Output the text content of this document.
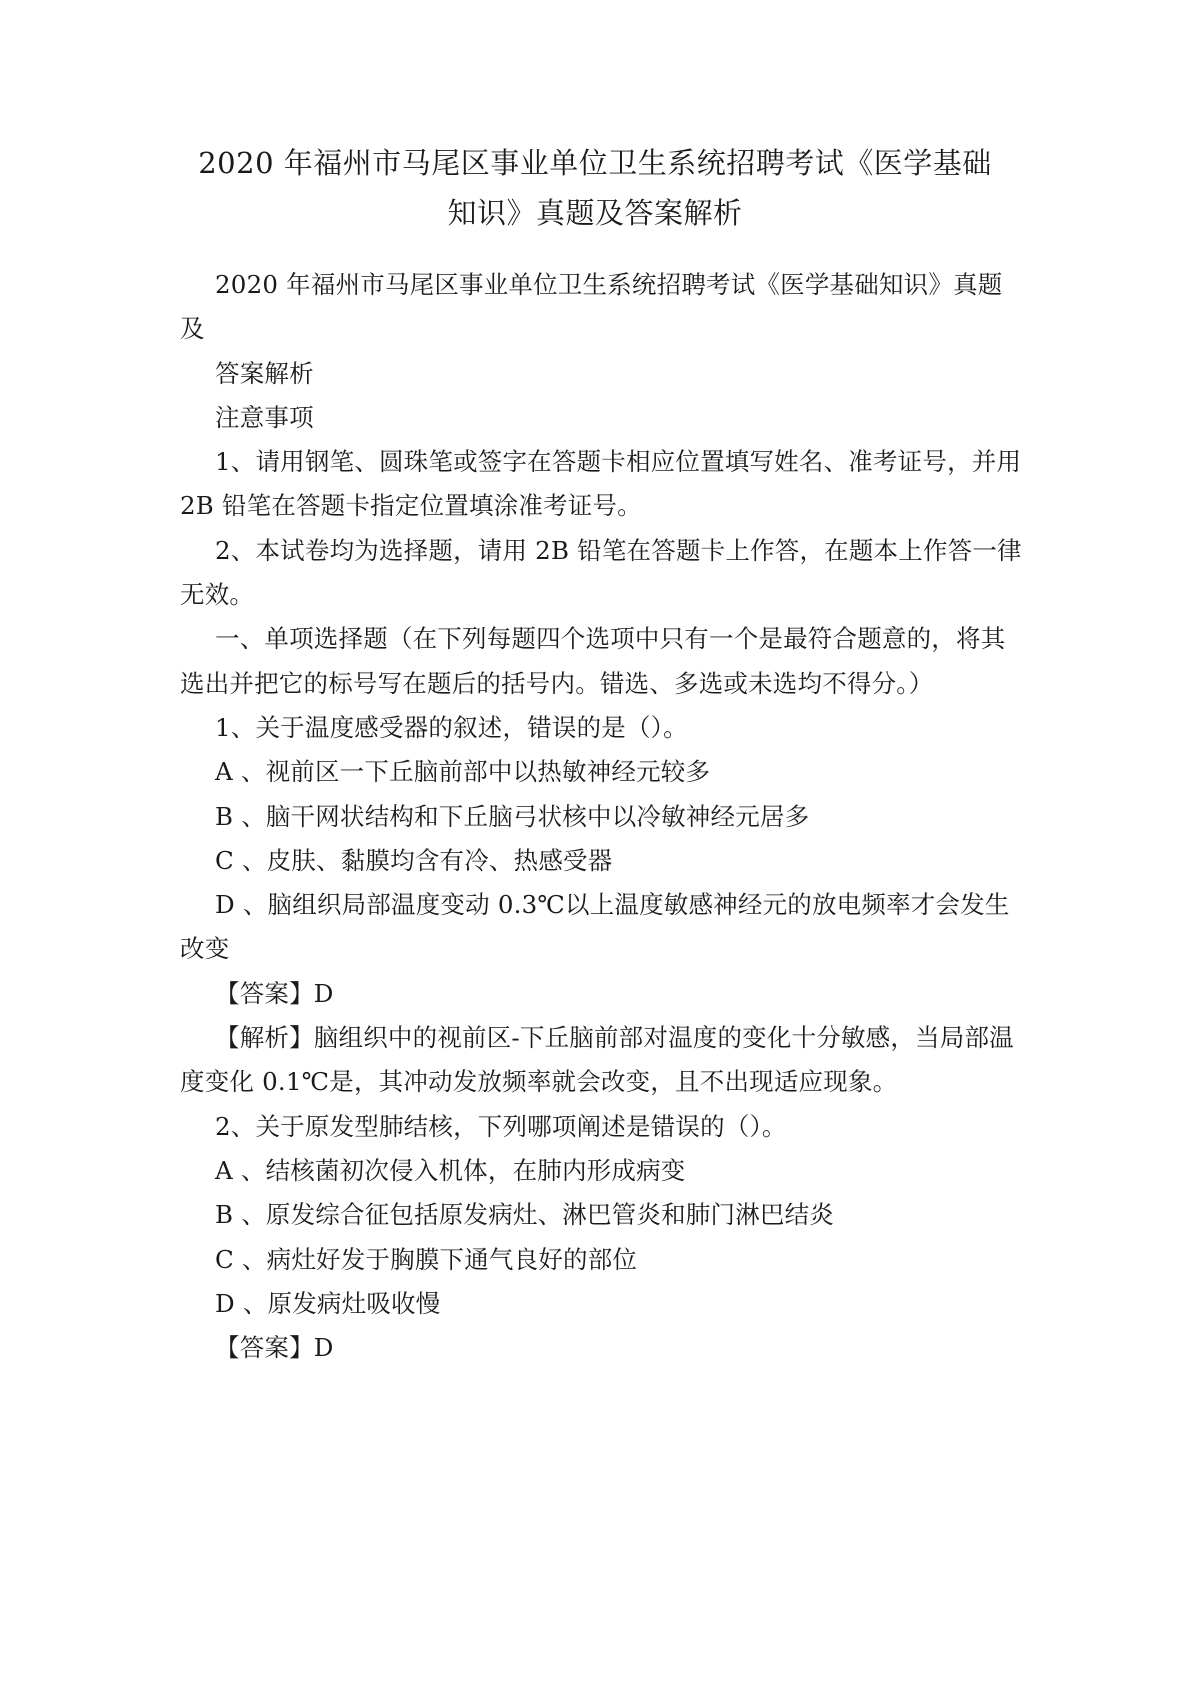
2020 年福州市马尾区事业单位卫生系统招聘考试《医学基础
知识》真题及答案解析

2020 年福州市马尾区事业单位卫生系统招聘考试《医学基础知识》真题及

答案解析

注意事项

1、请用钢笔、圆珠笔或签字在答题卡相应位置填写姓名、准考证号，并用 2B 铅笔在答题卡指定位置填涂准考证号。

2、本试卷均为选择题，请用 2B 铅笔在答题卡上作答，在题本上作答一律无效。

一、单项选择题（在下列每题四个选项中只有一个是最符合题意的，将其选出并把它的标号写在题后的括号内。错选、多选或未选均不得分。）

1、关于温度感受器的叙述，错误的是（）。

A 、视前区一下丘脑前部中以热敏神经元较多

B 、脑干网状结构和下丘脑弓状核中以冷敏神经元居多

C 、皮肤、黏膜均含有冷、热感受器

D 、脑组织局部温度变动 0.3℃以上温度敏感神经元的放电频率才会发生改变

【答案】D

【解析】脑组织中的视前区-下丘脑前部对温度的变化十分敏感，当局部温度变化 0.1℃是，其冲动发放频率就会改变，且不出现适应现象。

2、关于原发型肺结核，下列哪项阐述是错误的（）。

A 、结核菌初次侵入机体，在肺内形成病变

B 、原发综合征包括原发病灶、淋巴管炎和肺门淋巴结炎

C 、病灶好发于胸膜下通气良好的部位

D 、原发病灶吸收慢

【答案】D
